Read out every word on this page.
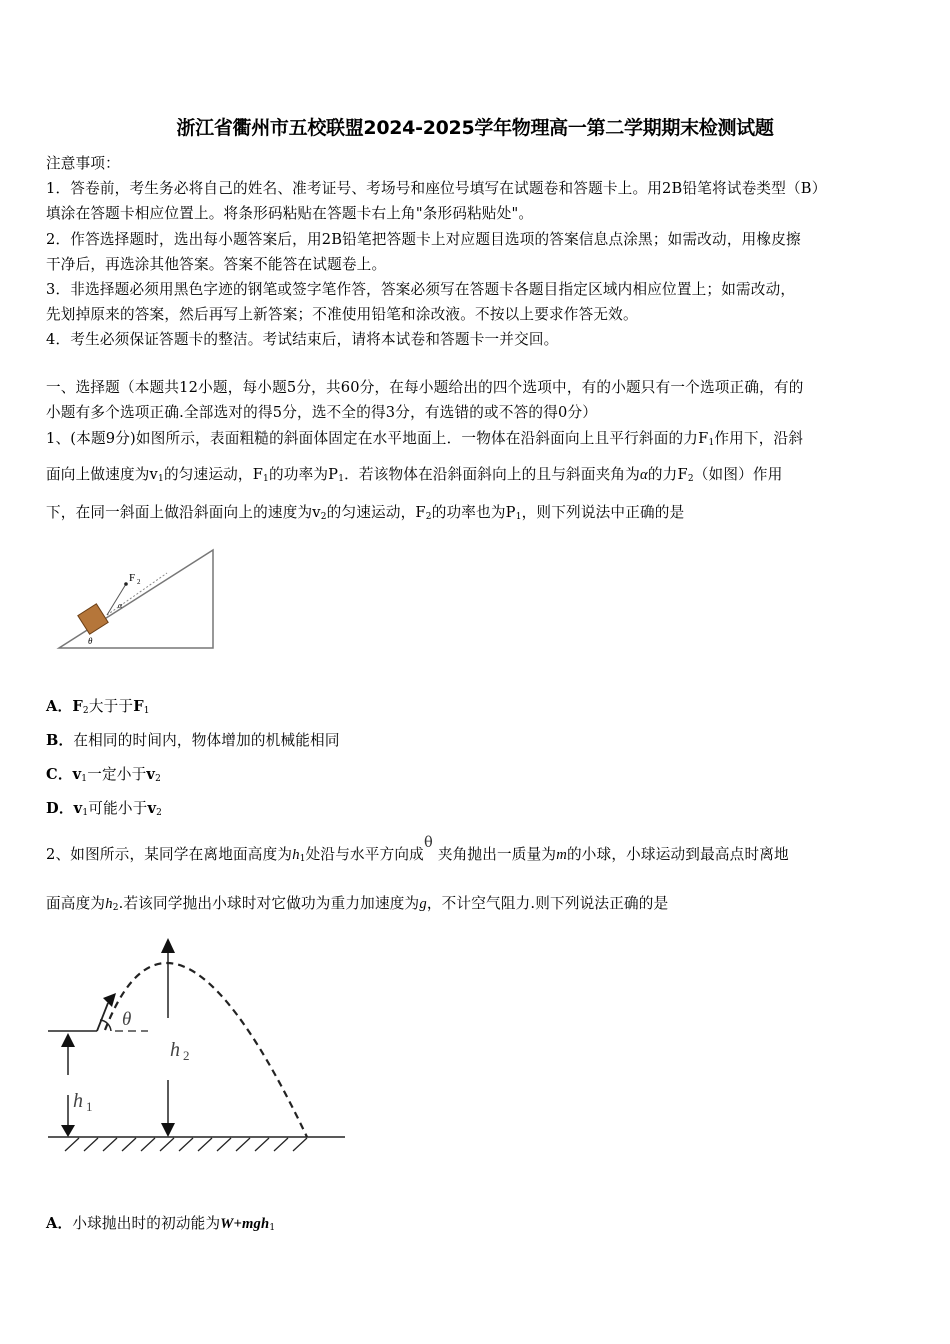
浙江省衢州市五校联盟2024-2025学年物理高一第二学期期末检测试题
注意事项：
1．答卷前，考生务必将自己的姓名、准考证号、考场号和座位号填写在试题卷和答题卡上。用2B铅笔将试卷类型（B）
填涂在答题卡相应位置上。将条形码粘贴在答题卡右上角"条形码粘贴处"。
2．作答选择题时，选出每小题答案后，用2B铅笔把答题卡上对应题目选项的答案信息点涂黑；如需改动，用橡皮擦
干净后，再选涂其他答案。答案不能答在试题卷上。
3．非选择题必须用黑色字迹的钢笔或签字笔作答，答案必须写在答题卡各题目指定区域内相应位置上；如需改动，
先划掉原来的答案，然后再写上新答案；不准使用铅笔和涂改液。不按以上要求作答无效。
4．考生必须保证答题卡的整洁。考试结束后，请将本试卷和答题卡一并交回。
一、选择题（本题共12小题，每小题5分，共60分，在每小题给出的四个选项中，有的小题只有一个选项正确，有的
小题有多个选项正确.全部选对的得5分，选不全的得3分，有选错的或不答的得0分）
1、(本题9分)如图所示，表面粗糙的斜面体固定在水平地面上．一物体在沿斜面向上且平行斜面的力$F_1$作用下，沿斜
面向上做速度为$v_1$的匀速运动，$F_1$的功率为$P_1$．若该物体在沿斜面斜向上的且与斜面夹角为α的力$F_2$（如图）作用
下，在同一斜面上做沿斜面向上的速度为$v_2$的匀速运动，$F_2$的功率也为$P_1$，则下列说法中正确的是
A．$F_2$大于于$F_1$
B．在相同的时间内，物体增加的机械能相同
C．$v_1$一定小于$v_2$
D．$v_1$可能小于$v_2$
2、如图所示，某同学在离地面高度为$h_1$处沿与水平方向成θ 夹角抛出一质量为m的小球，小球运动到最高点时离地
面高度为$h_2$.若该同学抛出小球时对它做功为重力加速度为g，不计空气阻力.则下列说法正确的是
A．小球抛出时的初动能为W+mgh$_1$
F 2
α
θ
θ
h 2
h 1
